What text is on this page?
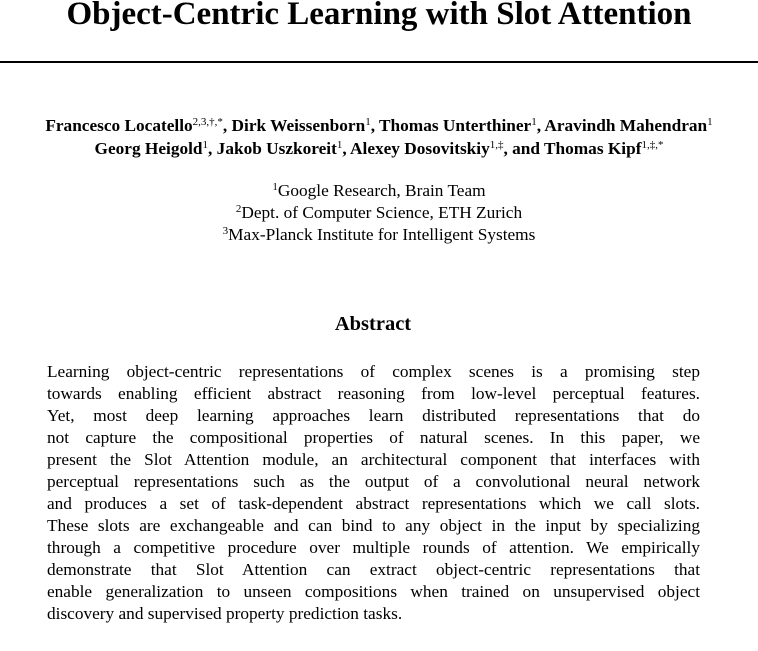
Object-Centric Learning with Slot Attention
Francesco Locatello$^{2,3,\dagger,*}$, Dirk Weissenborn$^1$, Thomas Unterthiner$^1$, Aravindh Mahendran$^1$
Georg Heigold$^1$, Jakob Uszkoreit$^1$, Alexey Dosovitskiy$^{1,\ddagger}$, and Thomas Kipf$^{1,\ddagger,*}$
$^1$Google Research, Brain Team
$^2$Dept. of Computer Science, ETH Zurich
$^3$Max-Planck Institute for Intelligent Systems
Abstract
Learning object-centric representations of complex scenes is a promising step
towards enabling efficient abstract reasoning from low-level perceptual features.
Yet, most deep learning approaches learn distributed representations that do
not capture the compositional properties of natural scenes. In this paper, we
present the Slot Attention module, an architectural component that interfaces with
perceptual representations such as the output of a convolutional neural network
and produces a set of task-dependent abstract representations which we call slots.
These slots are exchangeable and can bind to any object in the input by specializing
through a competitive procedure over multiple rounds of attention. We empirically
demonstrate that Slot Attention can extract object-centric representations that
enable generalization to unseen compositions when trained on unsupervised object
discovery and supervised property prediction tasks.
